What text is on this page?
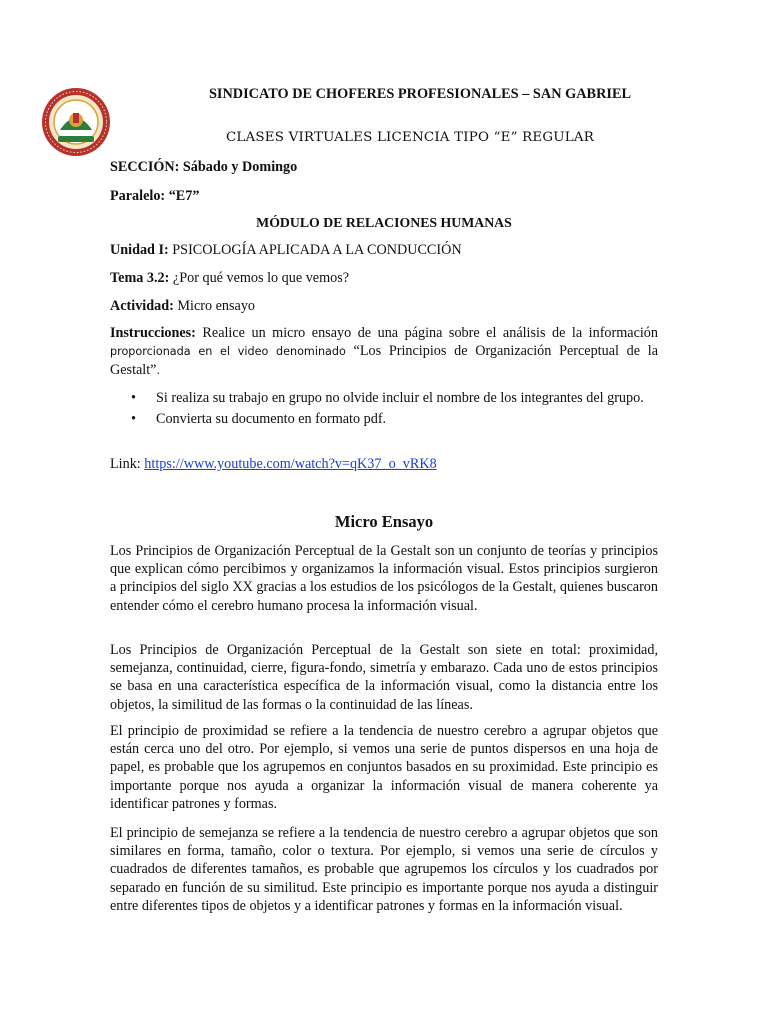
SINDICATO DE CHOFERES PROFESIONALES – SAN GABRIEL
CLASES VIRTUALES LICENCIA TIPO “E” REGULAR
SECCIÓN: Sábado y Domingo
Paralelo: “E7”
MÓDULO DE RELACIONES HUMANAS
Unidad I: PSICOLOGÍA APLICADA A LA CONDUCCIÓN
Tema 3.2: ¿Por qué vemos lo que vemos?
Actividad: Micro ensayo
Instrucciones: Realice un micro ensayo de una página sobre el análisis de la información proporcionada en el video denominado “Los Principios de Organización Perceptual de la Gestalt”.
• Si realiza su trabajo en grupo no olvide incluir el nombre de los integrantes del grupo.
• Convierta su documento en formato pdf.
Link: https://www.youtube.com/watch?v=qK37_o_vRK8
Micro Ensayo

Los Principios de Organización Perceptual de la Gestalt son un conjunto de teorías y principios que explican cómo percibimos y organizamos la información visual. Estos principios surgieron a principios del siglo XX gracias a los estudios de los psicólogos de la Gestalt, quienes buscaron entender cómo el cerebro humano procesa la información visual.

Los Principios de Organización Perceptual de la Gestalt son siete en total: proximidad, semejanza, continuidad, cierre, figura-fondo, simetría y embarazo. Cada uno de estos principios se basa en una característica específica de la información visual, como la distancia entre los objetos, la similitud de las formas o la continuidad de las líneas.

El principio de proximidad se refiere a la tendencia de nuestro cerebro a agrupar objetos que están cerca uno del otro. Por ejemplo, si vemos una serie de puntos dispersos en una hoja de papel, es probable que los agrupemos en conjuntos basados en su proximidad. Este principio es importante porque nos ayuda a organizar la información visual de manera coherente ya identificar patrones y formas.

El principio de semejanza se refiere a la tendencia de nuestro cerebro a agrupar objetos que son similares en forma, tamaño, color o textura. Por ejemplo, si vemos una serie de círculos y cuadrados de diferentes tamaños, es probable que agrupemos los círculos y los cuadrados por separado en función de su similitud. Este principio es importante porque nos ayuda a distinguir entre diferentes tipos de objetos y a identificar patrones y formas en la información visual.
